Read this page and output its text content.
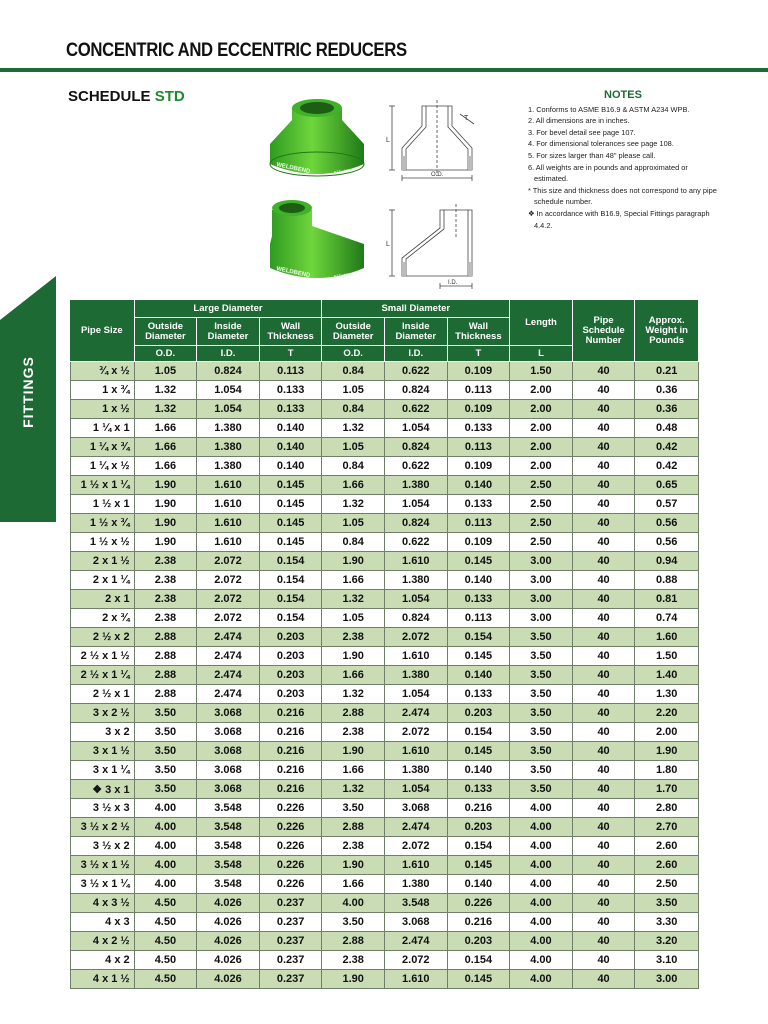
CONCENTRIC AND ECCENTRIC REDUCERS
SCHEDULE STD
FITTINGS
WELDBEND	STD WPB
WELDBEND	STD WPB
L
T
O.D.
L
I.D.
NOTES
1. Conforms to ASME B16.9 & ASTM A234 WPB.
2. All dimensions are in inches.
3. For bevel detail see page 107.
4. For dimensional tolerances see page 108.
5. For sizes larger than 48" please call.
6. All weights are in pounds and approximated or estimated.
* This size and thickness does not correspond to any pipe schedule number.
❖ In accordance with B16.9, Special Fittings paragraph 4.4.2.
Pipe Size	Large Diameter			Small Diameter			Length	Pipe Schedule Number	Approx. Weight in Pounds
	Outside Diameter	Inside Diameter	Wall Thickness	Outside Diameter	Inside Diameter	Wall Thickness			
	O.D.	I.D.	T	O.D.	I.D.	T	L		
¾ x ½	1.05	0.824	0.113	0.84	0.622	0.109	1.50	40	0.21
1 x ¾	1.32	1.054	0.133	1.05	0.824	0.113	2.00	40	0.36
1 x ½	1.32	1.054	0.133	0.84	0.622	0.109	2.00	40	0.36
1 ¼ x 1	1.66	1.380	0.140	1.32	1.054	0.133	2.00	40	0.48
1 ¼ x ¾	1.66	1.380	0.140	1.05	0.824	0.113	2.00	40	0.42
1 ¼ x ½	1.66	1.380	0.140	0.84	0.622	0.109	2.00	40	0.42
1 ½ x 1 ¼	1.90	1.610	0.145	1.66	1.380	0.140	2.50	40	0.65
1 ½ x 1	1.90	1.610	0.145	1.32	1.054	0.133	2.50	40	0.57
1 ½ x ¾	1.90	1.610	0.145	1.05	0.824	0.113	2.50	40	0.56
1 ½ x ½	1.90	1.610	0.145	0.84	0.622	0.109	2.50	40	0.56
2 x 1 ½	2.38	2.072	0.154	1.90	1.610	0.145	3.00	40	0.94
2 x 1 ¼	2.38	2.072	0.154	1.66	1.380	0.140	3.00	40	0.88
2 x 1	2.38	2.072	0.154	1.32	1.054	0.133	3.00	40	0.81
2 x ¾	2.38	2.072	0.154	1.05	0.824	0.113	3.00	40	0.74
2 ½ x 2	2.88	2.474	0.203	2.38	2.072	0.154	3.50	40	1.60
2 ½ x 1 ½	2.88	2.474	0.203	1.90	1.610	0.145	3.50	40	1.50
2 ½ x 1 ¼	2.88	2.474	0.203	1.66	1.380	0.140	3.50	40	1.40
2 ½ x 1	2.88	2.474	0.203	1.32	1.054	0.133	3.50	40	1.30
3 x 2 ½	3.50	3.068	0.216	2.88	2.474	0.203	3.50	40	2.20
3 x 2	3.50	3.068	0.216	2.38	2.072	0.154	3.50	40	2.00
3 x 1 ½	3.50	3.068	0.216	1.90	1.610	0.145	3.50	40	1.90
3 x 1 ¼	3.50	3.068	0.216	1.66	1.380	0.140	3.50	40	1.80
❖ 3 x 1	3.50	3.068	0.216	1.32	1.054	0.133	3.50	40	1.70
3 ½ x 3	4.00	3.548	0.226	3.50	3.068	0.216	4.00	40	2.80
3 ½ x 2 ½	4.00	3.548	0.226	2.88	2.474	0.203	4.00	40	2.70
3 ½ x 2	4.00	3.548	0.226	2.38	2.072	0.154	4.00	40	2.60
3 ½ x 1 ½	4.00	3.548	0.226	1.90	1.610	0.145	4.00	40	2.60
3 ½ x 1 ¼	4.00	3.548	0.226	1.66	1.380	0.140	4.00	40	2.50
4 x 3 ½	4.50	4.026	0.237	4.00	3.548	0.226	4.00	40	3.50
4 x 3	4.50	4.026	0.237	3.50	3.068	0.216	4.00	40	3.30
4 x 2 ½	4.50	4.026	0.237	2.88	2.474	0.203	4.00	40	3.20
4 x 2	4.50	4.026	0.237	2.38	2.072	0.154	4.00	40	3.10
4 x 1 ½	4.50	4.026	0.237	1.90	1.610	0.145	4.00	40	3.00
